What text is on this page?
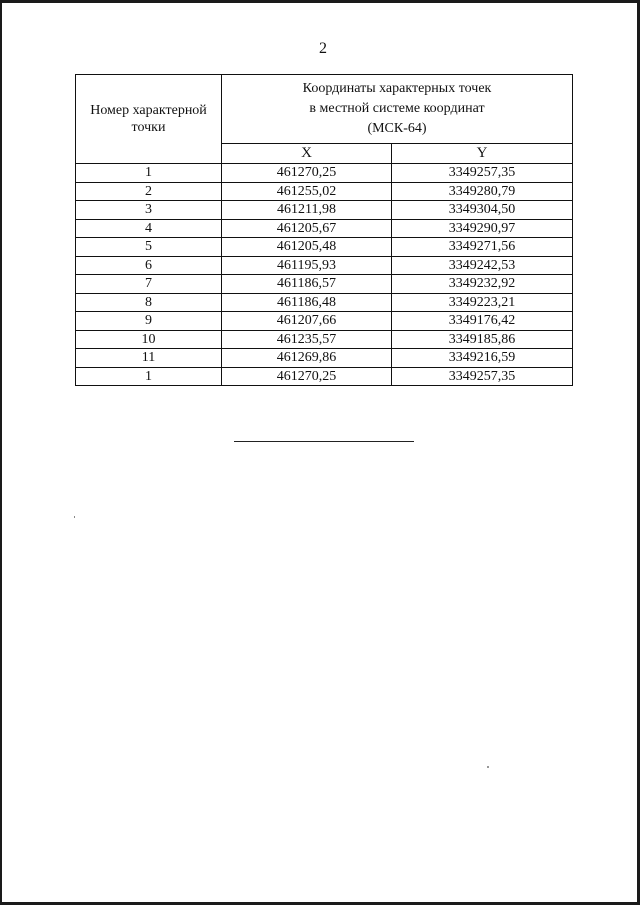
2
Номер характерной точки	Координаты характерных точек
в местной системе координат
(МСК-64)	

	X	Y
1	461270,25	3349257,35
2	461255,02	3349280,79
3	461211,98	3349304,50
4	461205,67	3349290,97
5	461205,48	3349271,56
6	461195,93	3349242,53
7	461186,57	3349232,92
8	461186,48	3349223,21
9	461207,66	3349176,42
10	461235,57	3349185,86
11	461269,86	3349216,59
1	461270,25	3349257,35
